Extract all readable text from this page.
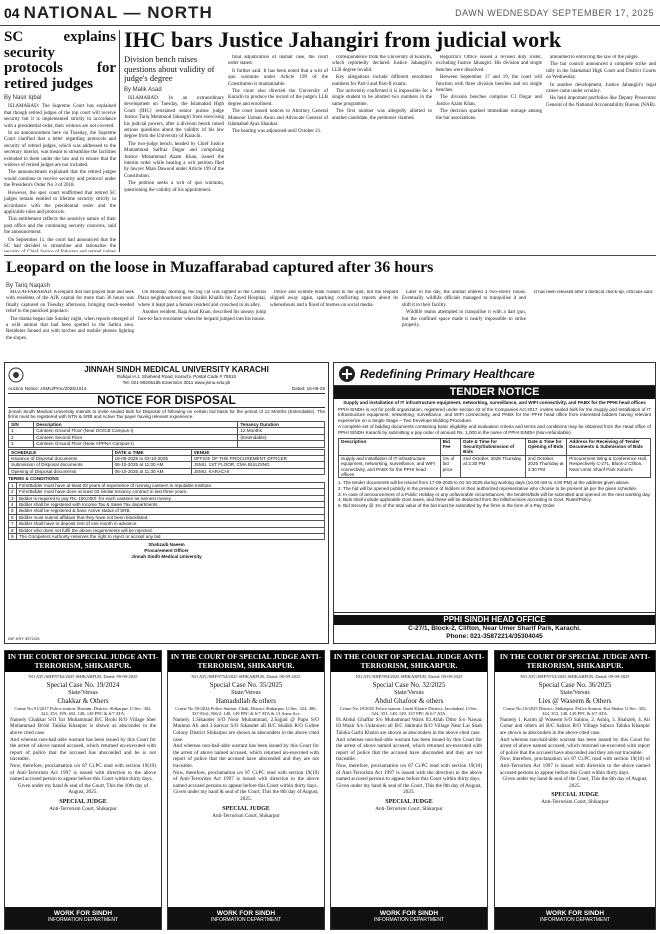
04 NATIONAL — NORTH	DAWN WEDNESDAY SEPTEMBER 17, 2025
SC explains security protocols for retired judges
By Nasir Iqbal

ISLAMABAD: The Supreme Court has explained that though retired judges of the top court will receive security but it is implemented strictly in accordance with a presidential order, their widows are not covered.

In an announcement here on Tuesday, the Supreme Court clarified that a letter regarding protocols and security of retired judges, which was addressed to the secretary interior, was meant to streamline the facilities extended to them under the law and to ensure that the widows of retired judges are not included.

The announcement explained that the retired judges would continue to receive security and protocol under the President's Order No 3 of 2018.

However, the spec court reaffirmed that retired SC judges remain entitled to lifetime security strictly in accordance with the presidential order and the applicable rules and protocols.

This entitlement reflects the sensitive nature of their past office and the continuing security concerns, said the announcement.

On September 11, the court had announced that the SC had decided to streamline and rationalise the

IHC bars Justice Jahangiri from judicial work
Division bench raises questions about validity of judge's degree
By Malik Asad

ISLAMABAD: In an extraordinary development on Tuesday, the Islamabad High Court (IHC) restrained senior puisne judge Justice Tariq Mehmood Jahangiri from exercising his judicial powers, after a division bench raised serious questions about the validity of his law degree from the University of Karachi.

The two-judge bench, headed by Chief Justice Muhammad Sarfraz Dogar and comprising Justice Mohammad Azam Khan, issued the interim order while hearing a writ petition filed by lawyer Mian Dawood under Article 199 of the Constitution.

The petition seeks a writ of quo warranto, questioning the validity of his appointment.

final adjudication of instant case, the court order stated.

It further said: It has been noted that a writ of quo warranto under Article 199 of the Constitution is maintainable.

The court also directed the University of Karachi to produce the record of the judge's LLB degree and enrolment.

The court issued notices to Attorney General Mansoor Usman Awan and Advocate General of Islamabad Ayaz Shaukat.

The hearing was adjourned until October 21.

correspondence from the University of Karachi, which reportedly declared Justice Jahangiri's LLB degree invalid.

Key allegations include different enrolment numbers for Part-I and Part-II exams.

The university confirmed it is impossible for a single student to be allotted two numbers in the same programme.

The first number was allegedly allotted to another candidate, the petitioner claimed.

Registrar's Office issued a revised duty roster, excluding Justice Jahangiri. His division and single benches were dissolved.

Between September 17 and 19, the court will function with three division benches and six single benches.

The division benches comprise CJ Dogar and Justice Azam Khan.

The decision sparked immediate outrage among the bar associations.

amounted to enforcing the law of the jungle.

The bar council announced a complete strike and rally in the Islamabad High Court and District Courts on Wednesday.

In another development, Justice Jahangiri's legal career came under scrutiny.

He held important portfolios like Deputy Prosecutor General of the National Accountability Bureau (NAB).

Leopard on the loose in Muzaffarabad captured after 36 hours
By Tariq Naqash

MUZAFFARABAD: A leopard that had played hide and seek with residents of the AJK capital for more than 36 hours was finally captured on Tuesday afternoon, bringing much-needed relief to the panicked populace.

The drama began late Sunday night, when reports emerged of a wild animal that had been spotted in the Sathra area. Residents fanned out with torches and mobile phones lighting the slopes.

On Monday morning, the big cat was sighted in the Central Plaza neighbourhood near Shaikh Khalifa bin Zayed Hospital, where it leapt past a female resident and crouched in an alley.

Another resident, Raja Asad Khan, described his uneasy jump face-to-face encounter when the leopard jumped into his house.

Police and wildlife team rushed to the spot, but the leopard slipped away again, sparking conflicting reports about its whereabouts and a flood of memes on social media.

Later in the day, the animal entered a two-storey house. Eventually wildlife officials managed to tranquilise it and shift it to their facility.

Wildlife teams attempted to tranquilise it with a dart gun, but the confined space made it nearly impossible to strike properly.

It has been released after a medical check-up, officials said.

JINNAH SINDH MEDICAL UNIVERSITY KARACHI
Rafiqui H.J. Shaheed Road, Karachi. Postal Code # 75510
Tel: 021-99205185 Extension 3011 www.jsmu.edu.pk
Auction Notice: JSMU/Proc/2025/1014	Dated: 16-09-25
NOTICE FOR DISPOSAL
Jinnah Sindh Medical University intends to invite sealed bids for Disposal of following on certain bid basis for the period of 12 Months (Extendable). The firms must be registered with NTN & SRB and Active Tax payer having relevant experience.
S/N	Description	Tenancy Duration
1	Canteen Ground Floor (Near DO/CB Campus-I)	12 Months
2	Canteen Second Floor	(Extendable)
3	Canteen Ground Floor (Near APPNA Campus-I)	
SCHEDULE	DATE & TIME	VENUE
Issuance of Disposal documents	18-09-2025 to 03-10-2025	OFFICE OF THE PROCUREMENT OFFICER
Submission of Disposal documents	06-10-2025 at 11:00 AM	JSMU, 1ST FLOOR, CMA BUILDING
Opening of Disposal documents	06-10-2025 at 11:30 AM	JSMU, KARACHI
TERMS & CONDITIONS
1	Firm/Bidder must have at least 03 years of experience of running canteen in reputable Institute.
2	Firm/Bidder must have done at least 03 similar tenancy contract in last three years.
3	Bidder is required to pay Rs. 100,000/- for each canteen as earnest money.
4	Bidder shall be registered with Income Tax & Sales Tax departments.
5	Bidder shall be registered & have Active status of SRB.
6	Bidder must submit affidavit that they have not been blacklisted.
7	Bidder shall have to deposit rent of one month in advance.
8	Bidder who does not fulfil the above requirements will be rejected.
9	The Competent Authority reserves the right to reject or accept any bid.
Shahzaib Naeem
Procurement Officer
Jinnah Sindh Medical University
INF-KRY 3972/25
Redefining Primary Healthcare
TENDER NOTICE
Supply and installation of IT infrastructure equipment, networking, surveillance, and WIFI connectivity, and PABX for the PPHI head offices
PPHI SINDH is not for profit organization, registered under section 42 of the Companies Act 2017, invites sealed bids for the Supply and Installation of IT Infrastructure equipment, networking, surveillance, and WIFI connectivity, and PABX for the PPHI head office from interested bidders having relevant experience on a Single Stage – Two Envelope Bidding Procedure.
A complete set of bidding documents containing basic eligibility and evaluation criteria and terms and conditions may be obtained from the Head office of PPHI SINDH Karachi by submitting a pay order of amount Rs. 1,000 in the name of PPHI SINDH (Non-refundable).
Description	Bid Fee	Date & Time for Security/Submission of Bids	Date & Time for Opening of Bids	Address for Receiving of Tender Documents & Submission of Bids
Supply and installation of IT infrastructure equipment, networking, surveillance, and WIFI connectivity, and PABX for the PPHI head offices	1% of bid price	2nd October, 2025 Thursday at 2:30 PM	2nd October, 2025 Thursday at 3:30 PM	Procurement Wing & Conference Hall, Respectively C-271, Block-2 Clifton, Near Umer Sharif Park Karachi
1. The tender documents will be issued from 17-09-2025 to 01-10-2025 during working days (10.00 AM to 4.00 PM) at the address given above.
2. The bid will be opened publicly in the presence of bidders or their authorized representative who choose to be present as per the given schedule.
3. In case of announcement of a Public Holiday or any unfavorable circumstances, the tenders/bids will be submitted and opened on the next working day.
4. Bids shall include applicable Govt taxes, and these will be deducted from the bills/invoices according to Govt. Rules/Policy.
5. Bid Security @ 1% of the total value of the bid must be submitted by the firms in the form of a Pay Order.
PPHI SINDH HEAD OFFICE
C-27/1, Block-2, Clifton, Near Umer Sharif Park, Karachi.
Phone: 021-35872214/35304045
IN THE COURT OF SPECIAL JUDGE ANTI-TERRORISM, SHIKARPUR.
NO.ATC/SHP/9762/2025 SHIKARPUR, Dated: 09-09-2025
Special Case No. 19/2024
State/Versus
Chakkar & Others
Crime No.91/2017 Police station: Rustam, District: Shikarpur. U/Sec. 302, 324, 353, 399, 402, 148, 149 PPC & 6/7 ATA.

Namely Chakkar S/O Yar Muhammad B/C Brohi R/O Village Sher Muhammad Brohi Taluka Khanpur is shown as absconder in the above cited case.

And whereas non-bail-able warrant has been issued by this Court for the arrest of above named accused, which returned un-executed with report of police that the accused has absconded and he is not traceable.

Now, therefore, proclamation u/s 87 Cr.PC read with section 19(10) of Anti-Terrorism Act 1997 is issued with direction to the above named accused person to appear before this Court within thirty days.

Given under my hand & seal of the Court, This the 10th day of August, 2025.

SPECIAL JUDGE
Anti-Terrorism Court, Shikarpur
WORK FOR SINDH
INFORMATION DEPARTMENT
IN THE COURT OF SPECIAL JUDGE ANTI-TERRORISM, SHIKARPUR.
NO.ATC/SHP/9754/2025 SHIKARPUR, Dated: 09-09-2025
Special Case No. 35/2025
State/Versus
Hamadullah & others
Crime No.59/2024 Police Station: Chak, District Shikarpur. U/Sec. 324, 386, 337-F(ii), 506/2, 148, 149 PPC & 6/7 ATA & 13 Arms Act.

Namely 1.Sikander S/O Noor Muhammad, 2.Sajjad @ Papo S/O Mumtaz Ali and 3.Sarwar S/O Sikander all B/C Shaikh R/O Gidree Colony District Shikarpur are shown as absconders in the above cited case.

And whereas non-bail-able warrant has been issued by this Court for the arrest of above named accused, which returned un-executed with report of police that the accused have absconded and they are not traceable.

Now, therefore, proclamation u/s 87 Cr.PC read with section 19(10) of Anti-Terrorism Act 1997 is issued with direction to the above named accused persons to appear before this Court within thirty days.

Given under my hand & seal of the Court, This the 8th day of August, 2025.

SPECIAL JUDGE
Anti-Terrorism Court, Shikarpur
WORK FOR SINDH
INFORMATION DEPARTMENT
IN THE COURT OF SPECIAL JUDGE ANTI-TERRORISM, SHIKARPUR.
NO.ATC/SHP/994/2025 SHIKARPUR, Dated: 09-09-2025
Special Case No. 32/2025
State/Versus
Abdul Ghafoor & others
Crime No.18/2025 Police station: Garhi Khairo District: Jacobabad. U/Sec. 324, 353, 148, 149, 337 PPC & 6/7 ATA.

01.Abdul Ghaffar S/o Muhammad Waris 02.Allah Ditto S/o Nawaz 03.Wazir S/o Unknown all B/C Jakhrani R/O Village Near Lal Shah Taluka Garhi Khairo are shown as absconders in the above cited case.

And whereas non-bail-able warrant has been issued by this Court for the arrest of above named accused, which returned un-executed with report of police that the accused have absconded and they are not traceable.

Now, therefore, proclamation u/s 87 Cr.PC read with section 19(10) of Anti-Terrorism Act 1997 is issued with the direction to the above named accused persons to appear before this Court within thirty days.

Given under my hand & seal of the Court, This the 8th day of August, 2025.

SPECIAL JUDGE
Anti-Terrorism Court, Shikarpur
WORK FOR SINDH
INFORMATION DEPARTMENT
IN THE COURT OF SPECIAL JUDGE ANTI-TERRORISM, SHIKARPUR.
NO.ATC/SHP/9753/2025 SHIKARPUR, Dated: 09-09-2025
Special Case No. 36/2025
State/Versus
Lies @ Waseem & Others
Crime No.10/2025 District: Shikarpur. Police Station: Kot Shahu. U/Sec. 302, 324, 353, 148, 149 PPC & 6/7 ATA.

Namely 1. Karim @ Waseem S/O Sabino, 2. Ashiq, 3. Shahzeb, 4. Ali Gohar and others all B/C Sabzoi R/O Village Sabzoi Taluka Khanpur are shown as absconders in the above cited case.

And whereas non-bail-able warrant has been issued by this Court for arrest of above named accused, which returned un-executed with report of police that the accused have absconded and they are not traceable.

Now, therefore, proclamation u/s 87 Cr.PC read with section 19(10) of Anti-Terrorism Act 1997 is issued with direction to the above named accused persons to appear before this Court within thirty days.

Given under my hand & seal of the Court, This the 8th day of August, 2025.

SPECIAL JUDGE
Anti-Terrorism Court, Shikarpur
WORK FOR SINDH
INFORMATION DEPARTMENT
